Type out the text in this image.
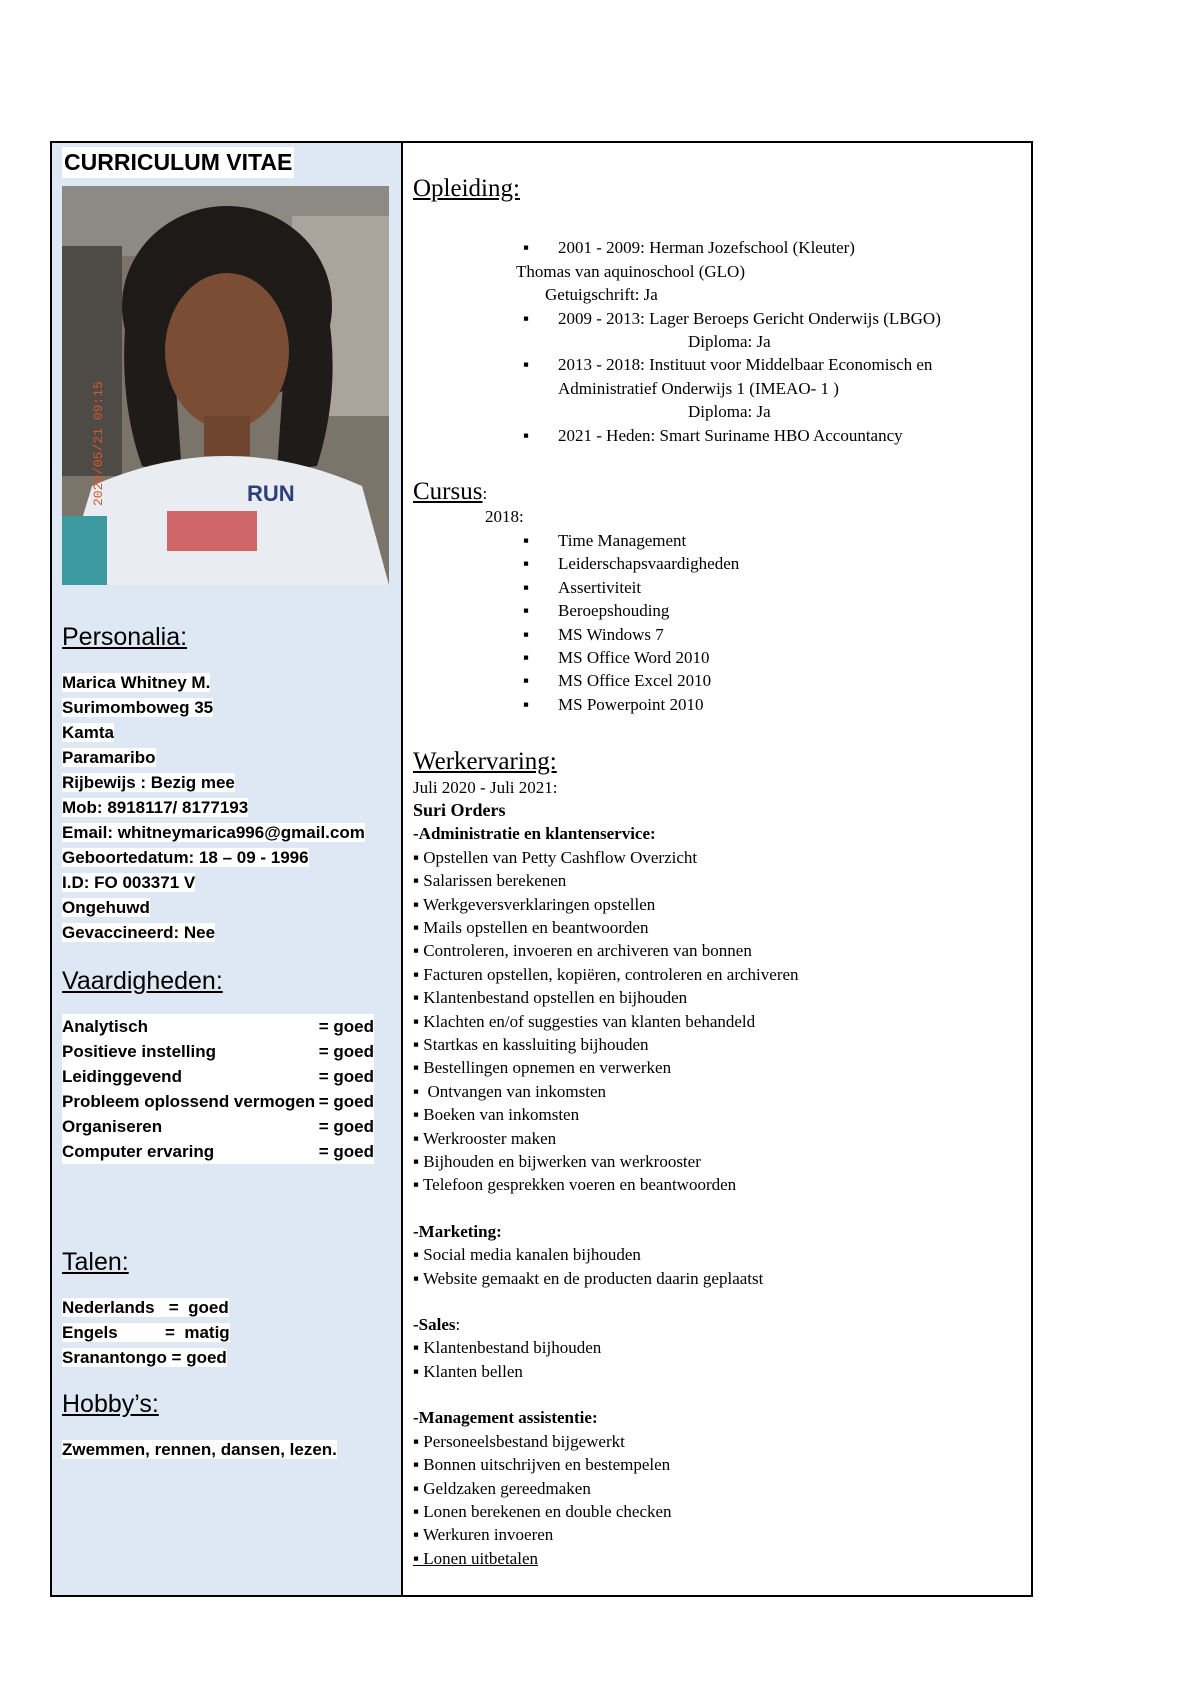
CURRICULUM VITAE
RUN
2020/05/21 09:15
Personalia:
Marica Whitney M.
Surimomboweg 35
Kamta
Paramaribo
Rijbewijs : Bezig mee
Mob: 8918117/ 8177193
Email: whitneymarica996@gmail.com
Geboortedatum: 18 – 09 - 1996
I.D: FO 003371 V
Ongehuwd
Gevaccineerd: Nee
Vaardigheden:
Analytisch	= goed
Positieve instelling	= goed
Leidinggevend	= goed
Probleem oplossend vermogen = goed
Organiseren	= goed
Computer ervaring	= goed
Talen:
Nederlands   =  goed
Engels          =  matig
Sranantongo = goed
Hobby’s:
Zwemmen, rennen, dansen, lezen.
Opleiding:
▪ 2001 - 2009: Herman Jozefschool (Kleuter)
Thomas van aquinoschool (GLO)
Getuigschrift: Ja
▪ 2009 - 2013: Lager Beroeps Gericht Onderwijs (LBGO)
Diploma: Ja
▪ 2013 - 2018: Instituut voor Middelbaar Economisch en
Administratief Onderwijs 1 (IMEAO- 1 )
Diploma: Ja
▪ 2021 - Heden: Smart Suriname HBO Accountancy
Cursus:
2018:
▪ Time Management
▪ Leiderschapsvaardigheden
▪ Assertiviteit
▪ Beroepshouding
▪ MS Windows 7
▪ MS Office Word 2010
▪ MS Office Excel 2010
▪ MS Powerpoint 2010
Werkervaring:
Juli 2020 - Juli 2021:
Suri Orders
-Administratie en klantenservice:
▪ Opstellen van Petty Cashflow Overzicht
▪ Salarissen berekenen
▪ Werkgeversverklaringen opstellen
▪ Mails opstellen en beantwoorden
▪ Controleren, invoeren en archiveren van bonnen
▪ Facturen opstellen, kopiëren, controleren en archiveren
▪ Klantenbestand opstellen en bijhouden
▪ Klachten en/of suggesties van klanten behandeld
▪ Startkas en kassluiting bijhouden
▪ Bestellingen opnemen en verwerken
▪  Ontvangen van inkomsten
▪ Boeken van inkomsten
▪ Werkrooster maken
▪ Bijhouden en bijwerken van werkrooster
▪ Telefoon gesprekken voeren en beantwoorden
-Marketing:
▪ Social media kanalen bijhouden
▪ Website gemaakt en de producten daarin geplaatst
-Sales:
▪ Klantenbestand bijhouden
▪ Klanten bellen
-Management assistentie:
▪ Personeelsbestand bijgewerkt
▪ Bonnen uitschrijven en bestempelen
▪ Geldzaken gereedmaken
▪ Lonen berekenen en double checken
▪ Werkuren invoeren
▪ Lonen uitbetalen
